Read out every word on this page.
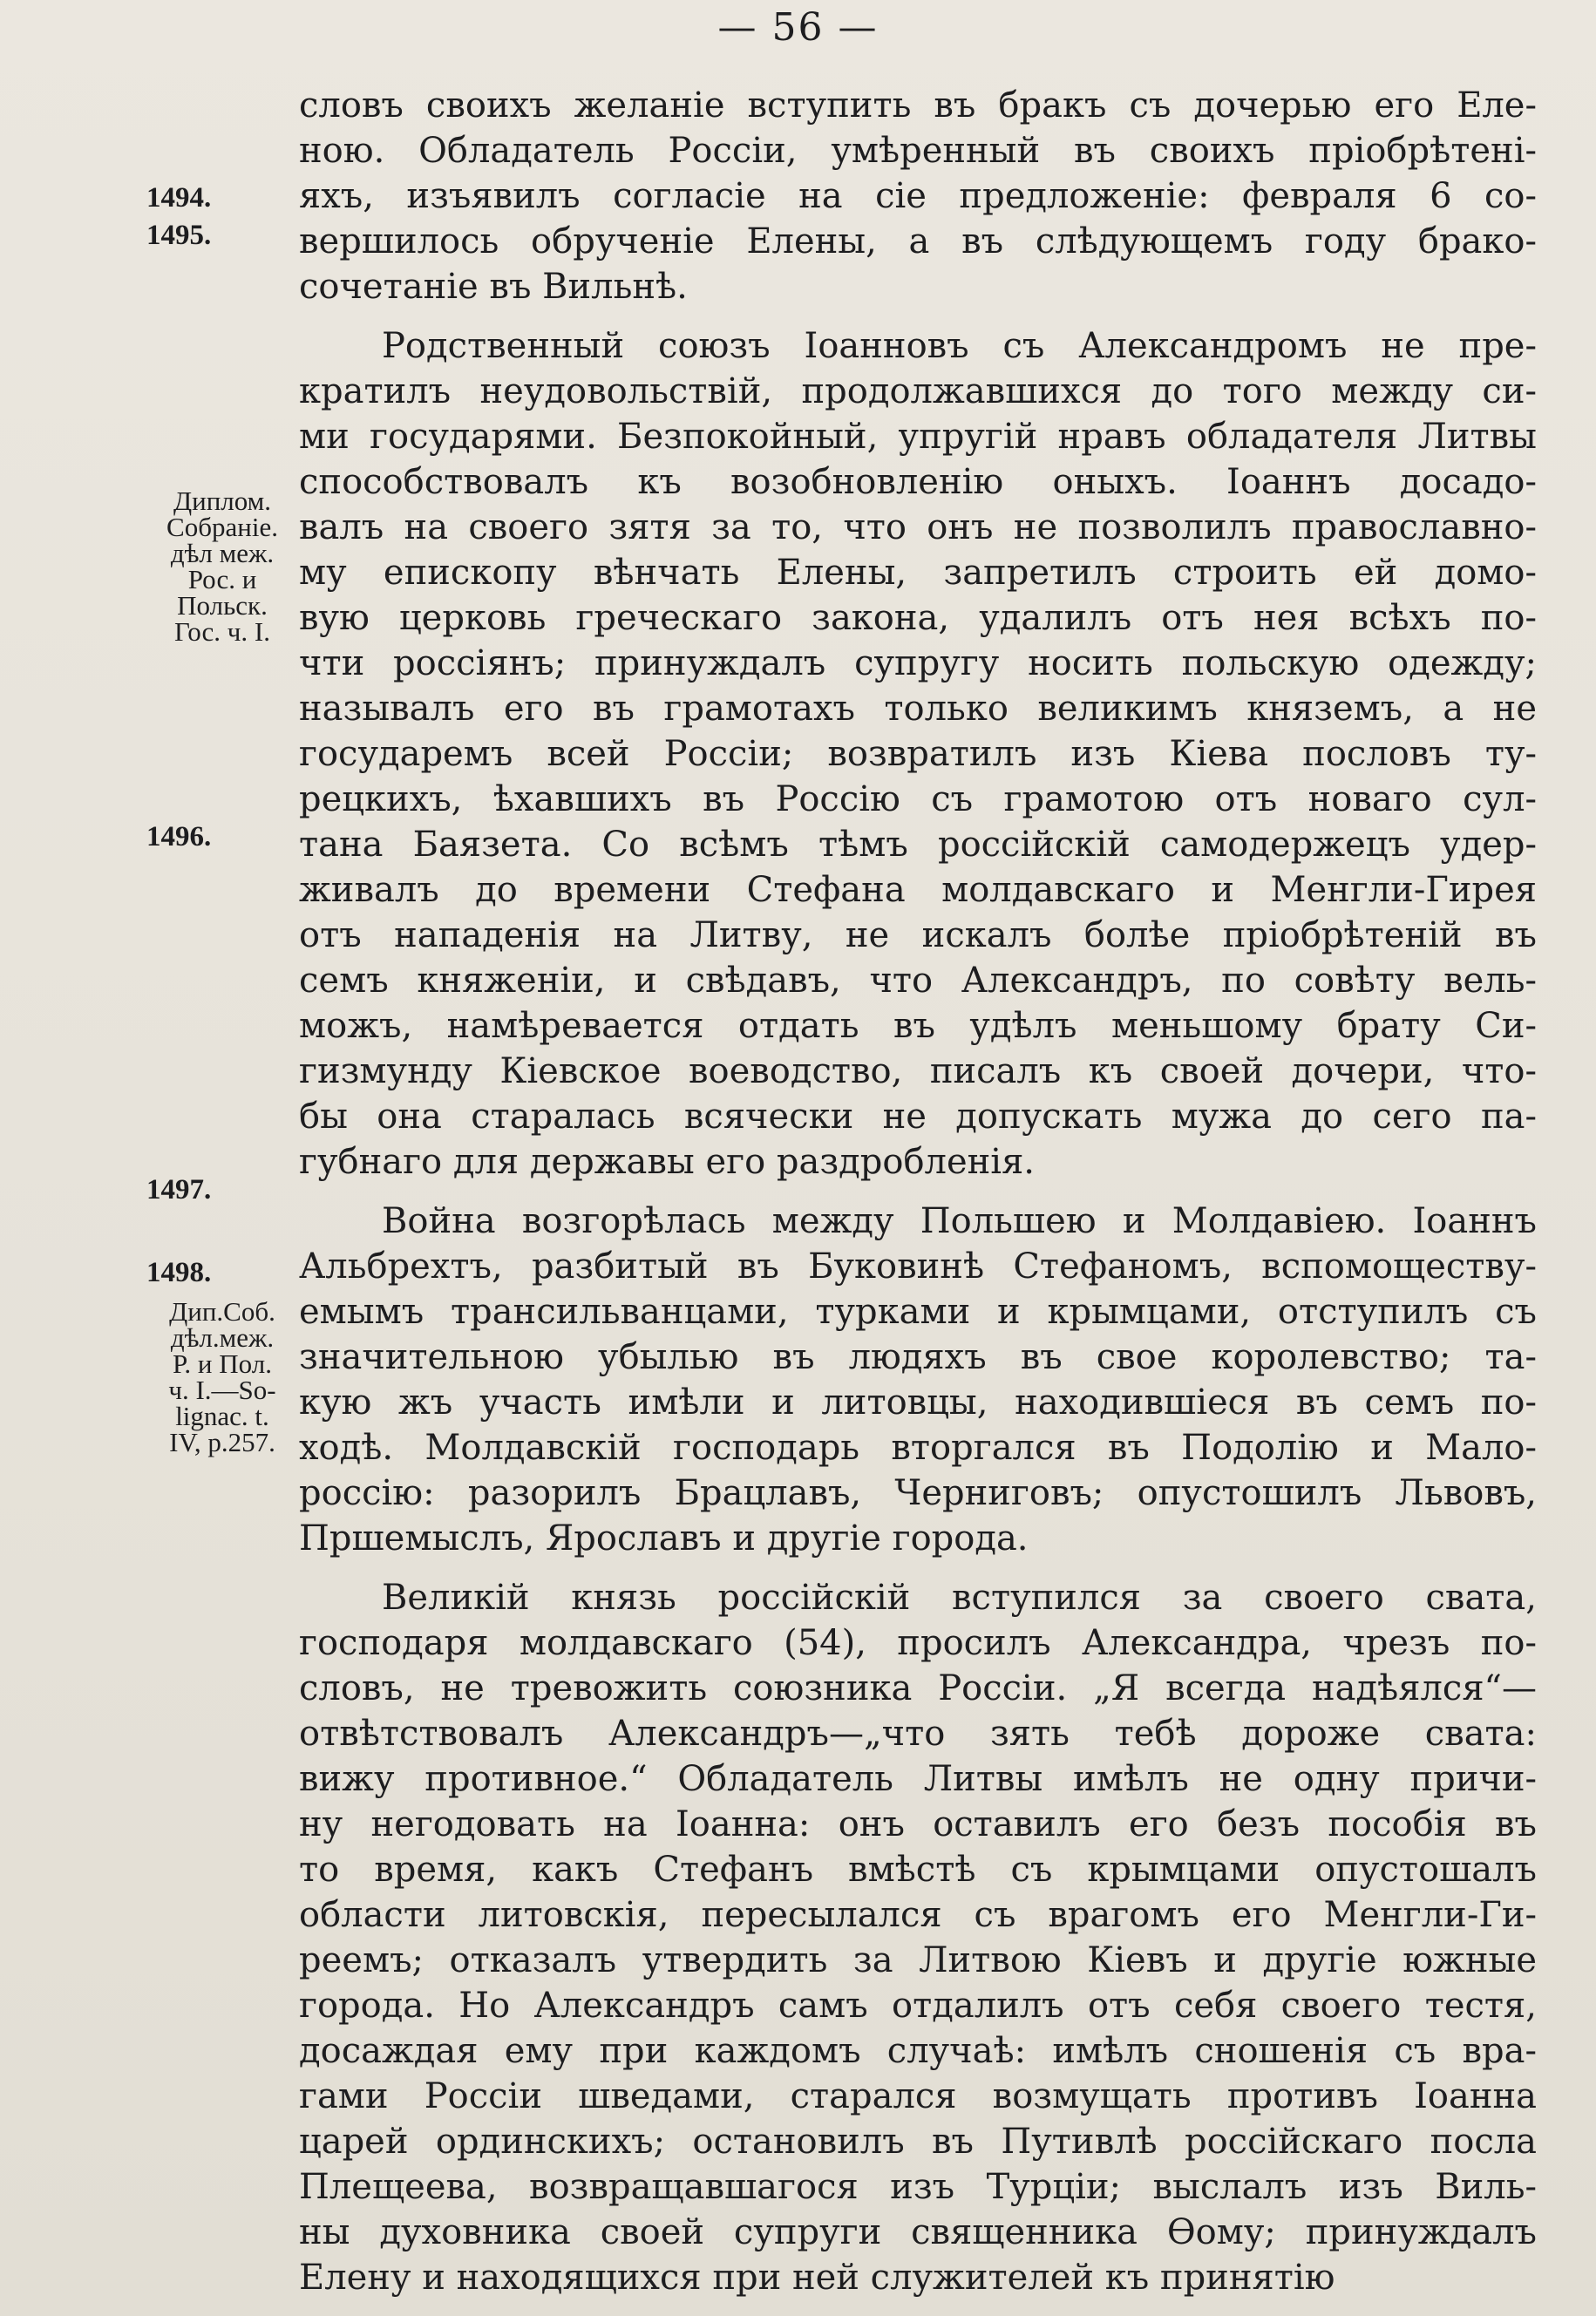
— 56 —
1494.
1495.
Диплом.
Собраніе.
дѣл меж.
Рос. и
Польск.
Гос. ч. I.
1496.
1497.
1498.
Дип.Соб.
дѣл.меж.
Р. и Пол.
ч. I.—So-
lignac. t.
IV, p.257.
словъ своихъ желаніе вступить въ бракъ съ дочерью его Еле-
ною. Обладатель Россіи, умѣренный въ своихъ пріобрѣтені-
яхъ, изъявилъ согласіе на сіе предложеніе: февраля 6 со-
вершилось обрученіе Елены, а въ слѣдующемъ году брако-
сочетаніе въ Вильнѣ.
Родственный союзъ Іоанновъ съ Александромъ не пре-
кратилъ неудовольствій, продолжавшихся до того между си-
ми государями. Безпокойный, упругій нравъ обладателя Литвы
способствовалъ къ возобновленію оныхъ. Іоаннъ досадо-
валъ на своего зятя за то, что онъ не позволилъ православно-
му епископу вѣнчать Елены, запретилъ строить ей домо-
вую церковь греческаго закона, удалилъ отъ нея всѣхъ по-
чти россіянъ; принуждалъ супругу носить польскую одежду;
называлъ его въ грамотахъ только великимъ княземъ, а не
государемъ всей Россіи; возвратилъ изъ Кіева пословъ ту-
рецкихъ, ѣхавшихъ въ Россію съ грамотою отъ новаго сул-
тана Баязета. Со всѣмъ тѣмъ россійскій самодержецъ удер-
живалъ до времени Стефана молдавскаго и Менгли-Гирея
отъ нападенія на Литву, не искалъ болѣе пріобрѣтеній въ
семъ княженіи, и свѣдавъ, что Александръ, по совѣту вель-
можъ, намѣревается отдать въ удѣлъ меньшому брату Си-
гизмунду Кіевское воеводство, писалъ къ своей дочери, что-
бы она старалась всячески не допускать мужа до сего па-
губнаго для державы его раздробленія.
Война возгорѣлась между Польшею и Молдавіею. Іоаннъ
Альбрехтъ, разбитый въ Буковинѣ Стефаномъ, вспомоществу-
емымъ трансильванцами, турками и крымцами, отступилъ съ
значительною убылью въ людяхъ въ свое королевство; та-
кую жъ участь имѣли и литовцы, находившіеся въ семъ по-
ходѣ. Молдавскій господарь вторгался въ Подолію и Мало-
россію: разорилъ Брацлавъ, Черниговъ; опустошилъ Львовъ,
Пршемыслъ, Ярославъ и другіе города.
Великій князь россійскій вступился за своего свата,
господаря молдавскаго (54), просилъ Александра, чрезъ по-
словъ, не тревожить союзника Россіи. „Я всегда надѣялся“—
отвѣтствовалъ Александръ—„что зять тебѣ дороже свата:
вижу противное.“ Обладатель Литвы имѣлъ не одну причи-
ну негодовать на Іоанна: онъ оставилъ его безъ пособія въ
то время, какъ Стефанъ вмѣстѣ съ крымцами опустошалъ
области литовскія, пересылался съ врагомъ его Менгли-Ги-
реемъ; отказалъ утвердить за Литвою Кіевъ и другіе южные
города. Но Александръ самъ отдалилъ отъ себя своего тестя,
досаждая ему при каждомъ случаѣ: имѣлъ сношенія съ вра-
гами Россіи шведами, старался возмущать противъ Іоанна
царей ординскихъ; остановилъ въ Путивлѣ россійскаго посла
Плещеева, возвращавшагося изъ Турціи; выслалъ изъ Виль-
ны духовника своей супруги священника Ѳому; принуждалъ
Елену и находящихся при ней служителей къ принятію
